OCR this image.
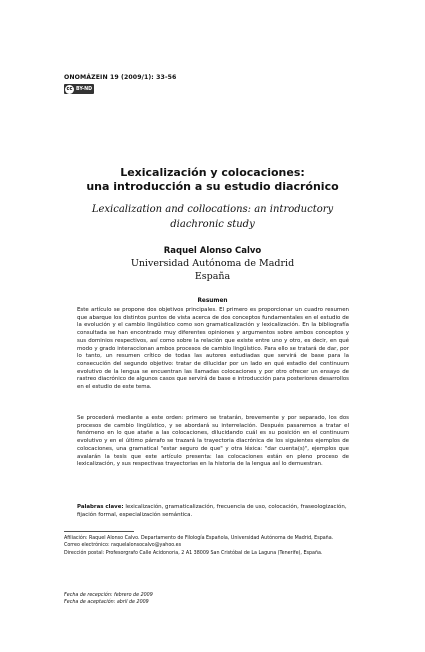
ONOMÁZEIN 19 (2009/1): 33-56
cc BY-ND
Lexicalización y colocaciones:
una introducción a su estudio diacrónico
Lexicalization and collocations: an introductory
diachronic study
Raquel Alonso Calvo
Universidad Autónoma de Madrid
España
Resumen
Este artículo se propone dos objetivos principales. El primero es proporcionar un cuadro resumen que abarque los distintos puntos de vista acerca de dos conceptos fundamentales en el estudio de la evolución y el cambio lingüístico como son gramaticalización y lexicalización. En la bibliografía consultada se han encontrado muy diferentes opiniones y argumentos sobre ambos conceptos y sus dominios respectivos, así como sobre la relación que existe entre uno y otro, es decir, en qué modo y grado interaccionan ambos procesos de cambio lingüístico. Para ello se tratará de dar, por lo tanto, un resumen crítico de todas las autores estudiadas que servirá de base para la consecución del segundo objetivo: tratar de dilucidar por un lado en qué estadio del continuum evolutivo de la lengua se encuentran las llamadas colocaciones y por otro ofrecer un ensayo de rastreo diacrónico de algunos casos que servirá de base e introducción para posteriores desarrollos en el estudio de este tema.
Se procederá mediante a este orden: primero se tratarán, brevemente y por separado, los dos procesos de cambio lingüístico, y se abordará su interrelación. Después pasaremos a tratar el fenómeno en lo que atañe a las colocaciones, dilucidando cuál es su posición en el continuum evolutivo y en el último párrafo se trazará la trayectoria diacrónica de los siguientes ejemplos de colocaciones, una gramatical "estar seguro de que" y otra léxica: "dar cuenta(s)", ejemplos que avalarán la tesis que este artículo presenta: las colocaciones están en pleno proceso de lexicalización, y sus respectivas trayectorias en la historia de la lengua así lo demuestran.
Palabras clave: lexicalización, gramaticalización, frecuencia de uso, colocación, fraseologización, fijación formal, especialización semántica.
Afiliación: Raquel Alonso Calvo. Departamento de Filología Española, Universidad Autónoma de Madrid, España.
Correo electrónico: raquelalonsocalvo@yahoo.es
Dirección postal: Profesorgrafo Calle Acidonoria, 2 A1 38009 San Cristóbal de La Laguna (Tenerife), España.
Fecha de recepción: febrero de 2009
Fecha de aceptación: abril de 2009
